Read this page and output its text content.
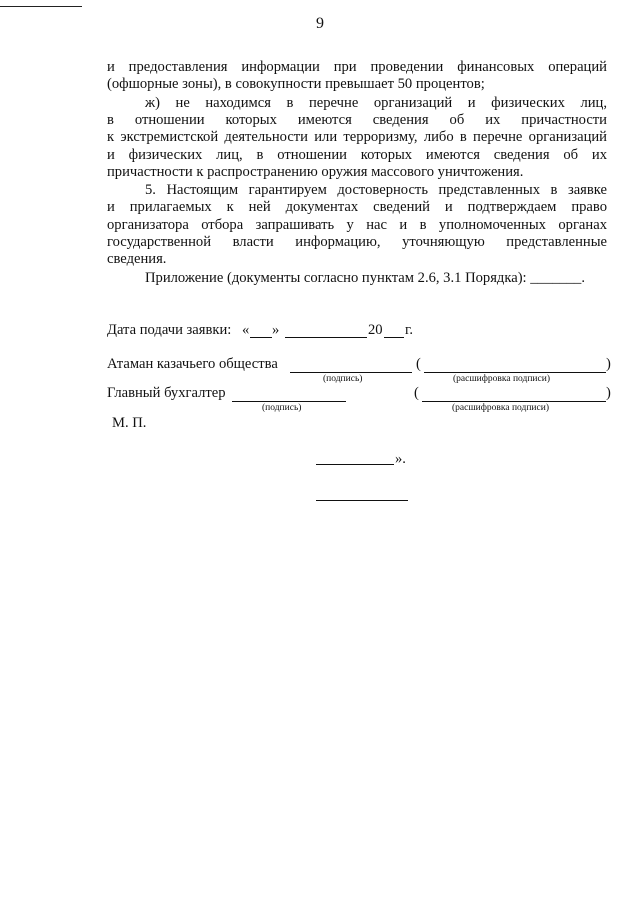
9
и предоставления информации при проведении финансовых операций
(офшорные зоны), в совокупности превышает 50 процентов;
ж) не находимся в перечне организаций и физических лиц,
в отношении которых имеются сведения об их причастности
к экстремистской деятельности или терроризму, либо в перечне организаций
и физических лиц, в отношении которых имеются сведения об их
причастности к распространению оружия массового уничтожения.
5. Настоящим гарантируем достоверность представленных в заявке
и прилагаемых к ней документах сведений и подтверждаем право
организатора отбора запрашивать у нас и в уполномоченных органах
государственной власти информацию, уточняющую представленные
сведения.
Приложение (документы согласно пунктам 2.6, 3.1 Порядка): _______.
Дата подачи заявки: « »	20 г.
Атаман казачьего общества	(	)
(подпись)	(расшифровка подписи)
Главный бухгалтер	(	)
(подпись)	(расшифровка подписи)
М. П.
».
